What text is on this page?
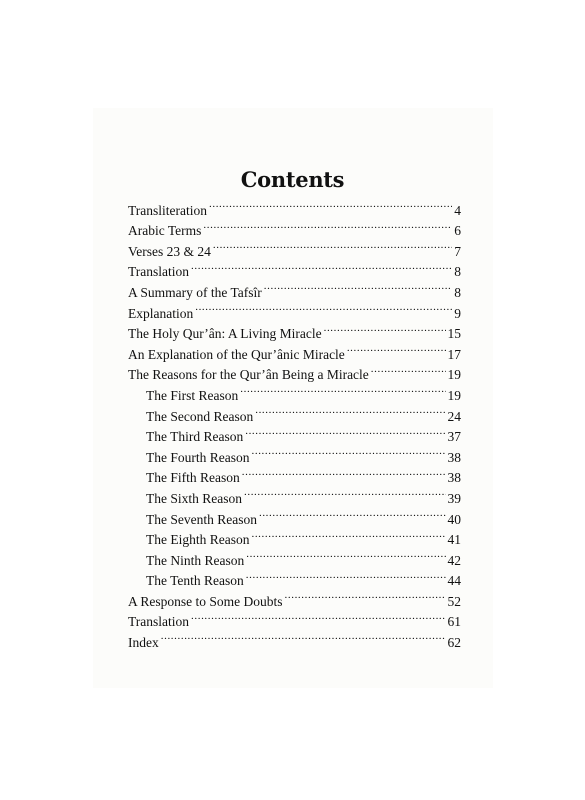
Contents
Transliteration .....	4
Arabic Terms .....	6
Verses 23 & 24 .....	7
Translation .....	8
A Summary of the Tafsîr .....	8
Explanation .....	9
The Holy Qur’ân: A Living Miracle .....	15
An Explanation of the Qur’ânic Miracle .....	17
The Reasons for the Qur’ân Being a Miracle .....	19
The First Reason .....	19
The Second Reason .....	24
The Third Reason .....	37
The Fourth Reason .....	38
The Fifth Reason .....	38
The Sixth Reason .....	39
The Seventh Reason .....	40
The Eighth Reason .....	41
The Ninth Reason .....	42
The Tenth Reason .....	44
A Response to Some Doubts .....	52
Translation .....	61
Index .....	62
